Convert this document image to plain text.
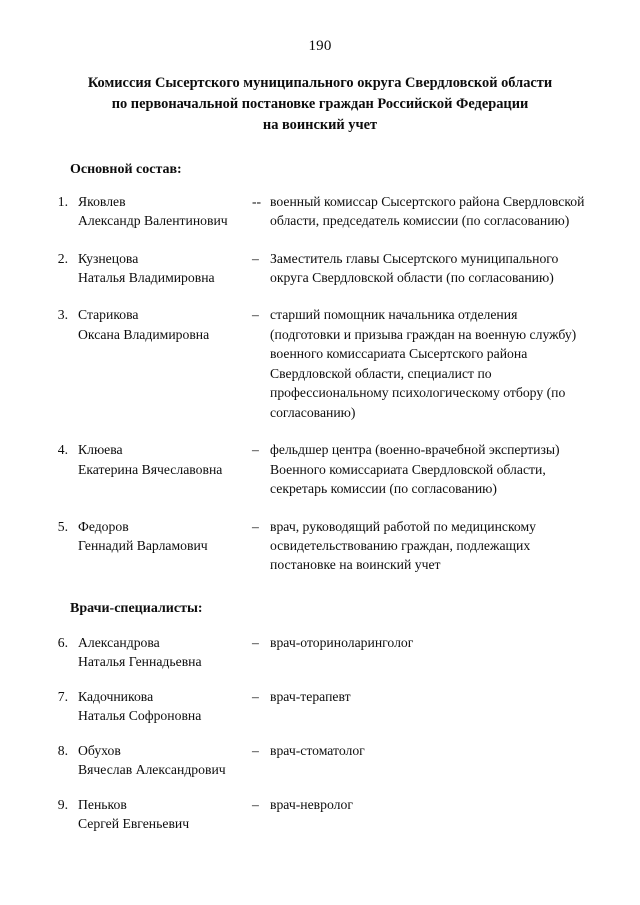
190
Комиссия Сысертского муниципального округа Свердловской области
по первоначальной постановке граждан Российской Федерации
на воинский учет
Основной состав:
1. Яковлев
Александр Валентинович
-- военный комиссар Сысертского района Свердловской области, председатель комиссии (по согласованию)
2. Кузнецова
Наталья Владимировна
– Заместитель главы Сысертского муниципального округа Свердловской области (по согласованию)
3. Старикова
Оксана Владимировна
– старший помощник начальника отделения (подготовки и призыва граждан на военную службу) военного комиссариата Сысертского района Свердловской области, специалист по профессиональному психологическому отбору (по согласованию)
4. Клюева
Екатерина Вячеславовна
– фельдшер центра (военно-врачебной экспертизы) Военного комиссариата Свердловской области, секретарь комиссии (по согласованию)
5. Федоров
Геннадий Варламович
– врач, руководящий работой по медицинскому освидетельствованию граждан, подлежащих постановке на воинский учет
Врачи-специалисты:
6. Александрова
Наталья Геннадьевна
– врач-оториноларинголог
7. Кадочникова
Наталья Софроновна
– врач-терапевт
8. Обухов
Вячеслав Александрович
– врач-стоматолог
9. Пеньков
Сергей Евгеньевич
– врач-невролог
